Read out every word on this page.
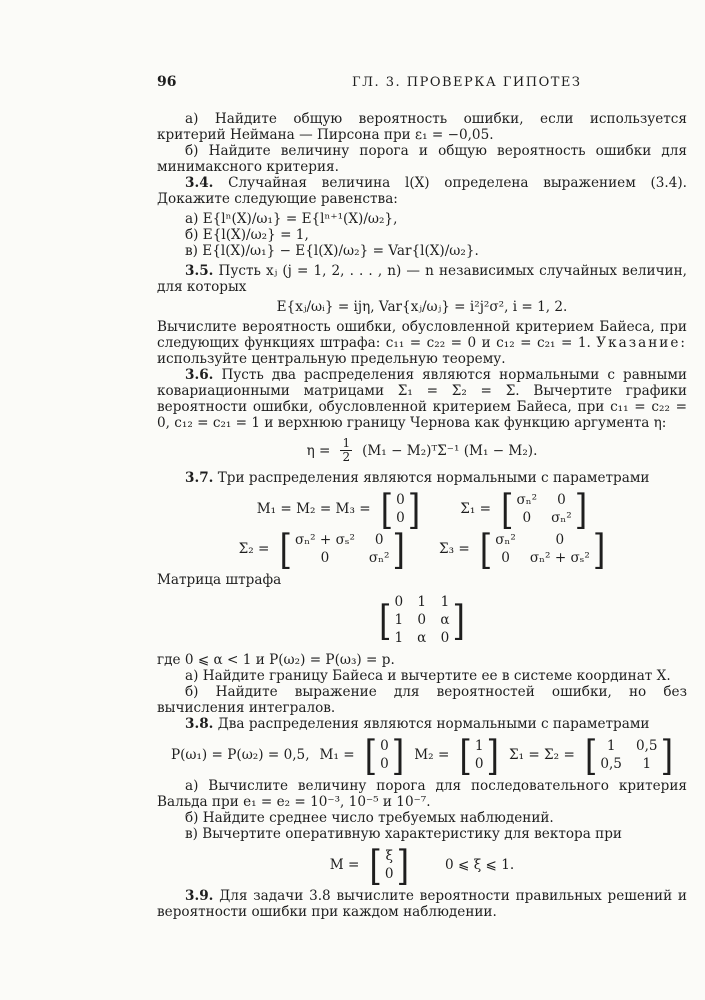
96	ГЛ. 3. ПРОВЕРКА ГИПОТЕЗ

а) Найдите общую вероятность ошибки, если используется критерий Неймана — Пирсона при ε₁ = −0,05.

б) Найдите величину порога и общую вероятность ошибки для минимаксного критерия.

3.4. Случайная величина l(X) определена выражением (3.4). Докажите следующие равенства:

а) E{lⁿ(X)/ω₁} = E{lⁿ⁺¹(X)/ω₂},

б) E{l(X)/ω₂} = 1,

в) E{l(X)/ω₁} − E{l(X)/ω₂} = Var{l(X)/ω₂}.

3.5. Пусть xⱼ (j = 1, 2, . . . , n) — n независимых случайных величин, для которых

E{xⱼ/ωᵢ} = ijη, Var{xⱼ/ωⱼ} = i²j²σ², i = 1, 2.

Вычислите вероятность ошибки, обусловленной критерием Байеса, при следующих функциях штрафа: c₁₁ = c₂₂ = 0 и c₁₂ = c₂₁ = 1. Указание: используйте центральную предельную теорему.

3.6. Пусть два распределения являются нормальными с равными ковариационными матрицами Σ₁ = Σ₂ = Σ. Вычертите графики вероятности ошибки, обусловленной критерием Байеса, при c₁₁ = c₂₂ = 0, c₁₂ = c₂₁ = 1 и верхнюю границу Чернова как функцию аргумента η:

$\eta = \frac{1}{2} (M_1$ − M₂)ᵀΣ⁻¹ (M₁ − M₂).

3.7. Три распределения являются нормальными с параметрами

M₁ = M₂ = M₃ = [ 0
0 ]	Σ₁ = [ σₙ²	0
0	σₙ² ]
Σ₂ = [ σₙ² + σₛ²	0
0	σₙ² ]	Σ₃ = [ σₙ²	0
0	σₙ² + σₛ² ]

Матрица штрафа

[ 0 1 1
1 0 α
1 α 0 ]

где 0 ⩽ α < 1 и P(ω₂) = P(ω₃) = p.

а) Найдите границу Байеса и вычертите ее в системе координат X.

б) Найдите выражение для вероятностей ошибки, но без вычисления интегралов.

3.8. Два распределения являются нормальными с параметрами

P(ω₁) = P(ω₂) = 0,5, M₁ = [ 0
0 ] M₂ = [ 1
0 ] Σ₁ = Σ₂ = [ 1	0,5
0,5	1 ]

а) Вычислите величину порога для последовательного критерия Вальда при e₁ = e₂ = 10⁻³, 10⁻⁵ и 10⁻⁷.

б) Найдите среднее число требуемых наблюдений.

в) Вычертите оперативную характеристику для вектора при

M = [ ξ
0 ]	0 ⩽ ξ ⩽ 1.

3.9. Для задачи 3.8 вычислите вероятности правильных решений и вероятности ошибки при каждом наблюдении.
